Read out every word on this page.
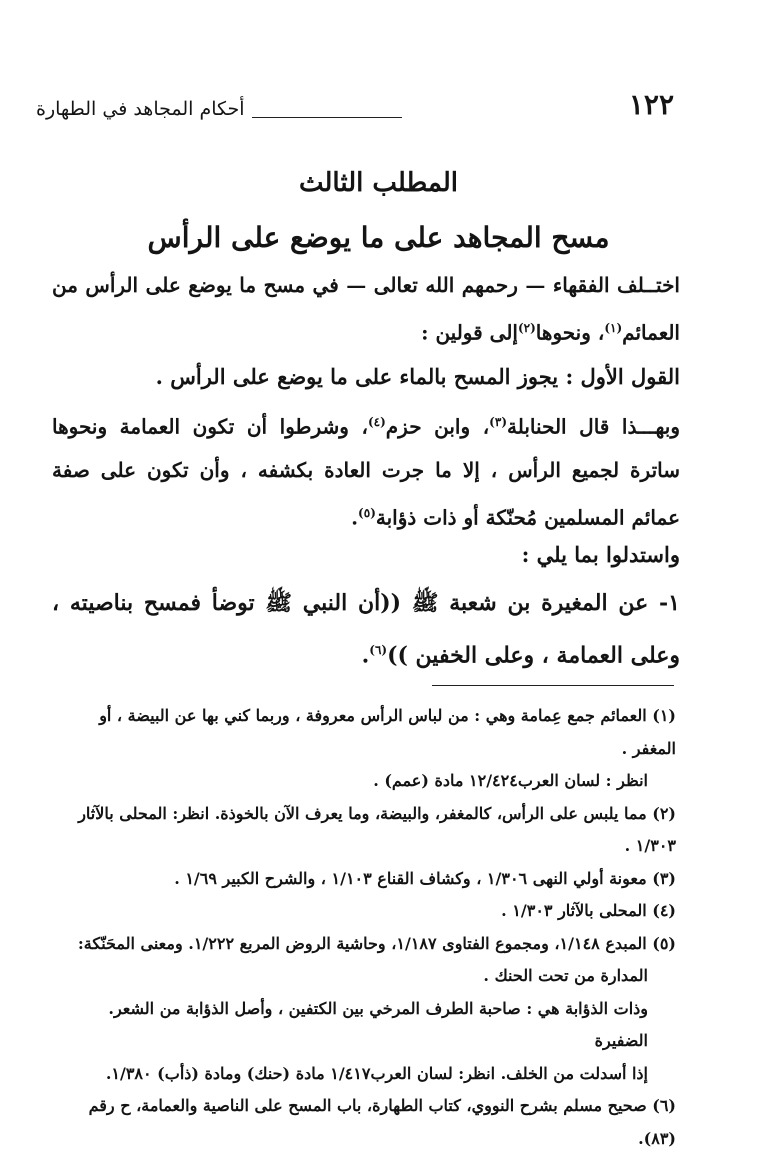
أحكام المجاهد في الطهارة	١٢٢
المطلب الثالث
مسح المجاهد على ما يوضع على الرأس

اختــلف الفقهاء — رحمهم الله تعالى — في مسح ما يوضع على الرأس من العمائم$^{(١)}$، ونحوها$^{(٢)}$إلى قولين :

القول الأول : يجوز المسح بالماء على ما يوضع على الرأس .

وبهـــذا قال الحنابلة$^{(٣)}$، وابن حزم$^{(٤)}$، وشرطوا أن تكون العمامة ونحوها ساترة لجميع الرأس ، إلا ما جرت العادة بكشفه ، وأن تكون على صفة عمائم المسلمين مُحنّكة أو ذات ذؤابة$^{(٥)}$.

واستدلوا بما يلي :

١- عن المغيرة بن شعبة ﷺ ((أن النبي ﷺ توضأ فمسح بناصيته ، وعلى العمامة ، وعلى الخفين ))$^{(٦)}$.

(١) العمائم جمع عِمامة وهي : من لباس الرأس معروفة ، وربما كني بها عن البيضة ، أو المغفر .

انظر : لسان العرب١٢/٤٢٤ مادة (عمم) .

(٢) مما يلبس على الرأس، كالمغفر، والبيضة، وما يعرف الآن بالخوذة. انظر: المحلى بالآثار ١/٣٠٣ .

(٣) معونة أولي النهى ١/٣٠٦ ، وكشاف القناع ١/١٠٣ ، والشرح الكبير ١/٦٩ .

(٤) المحلى بالآثار ١/٣٠٣ .

(٥) المبدع ١/١٤٨، ومجموع الفتاوى ١/١٨٧، وحاشية الروض المربع ١/٢٢٢. ومعنى المحَنّكة:

المدارة من تحت الحنك .

وذات الذؤابة هي : صاحبة الطرف المرخي بين الكتفين ، وأصل الذؤابة من الشعر. الضفيرة

إذا أسدلت من الخلف. انظر: لسان العرب١/٤١٧ مادة (حنك) ومادة (ذأب) ١/٣٨٠.

(٦) صحيح مسلم بشرح النووي، كتاب الطهارة، باب المسح على الناصية والعمامة، ح رقم (٨٣).
